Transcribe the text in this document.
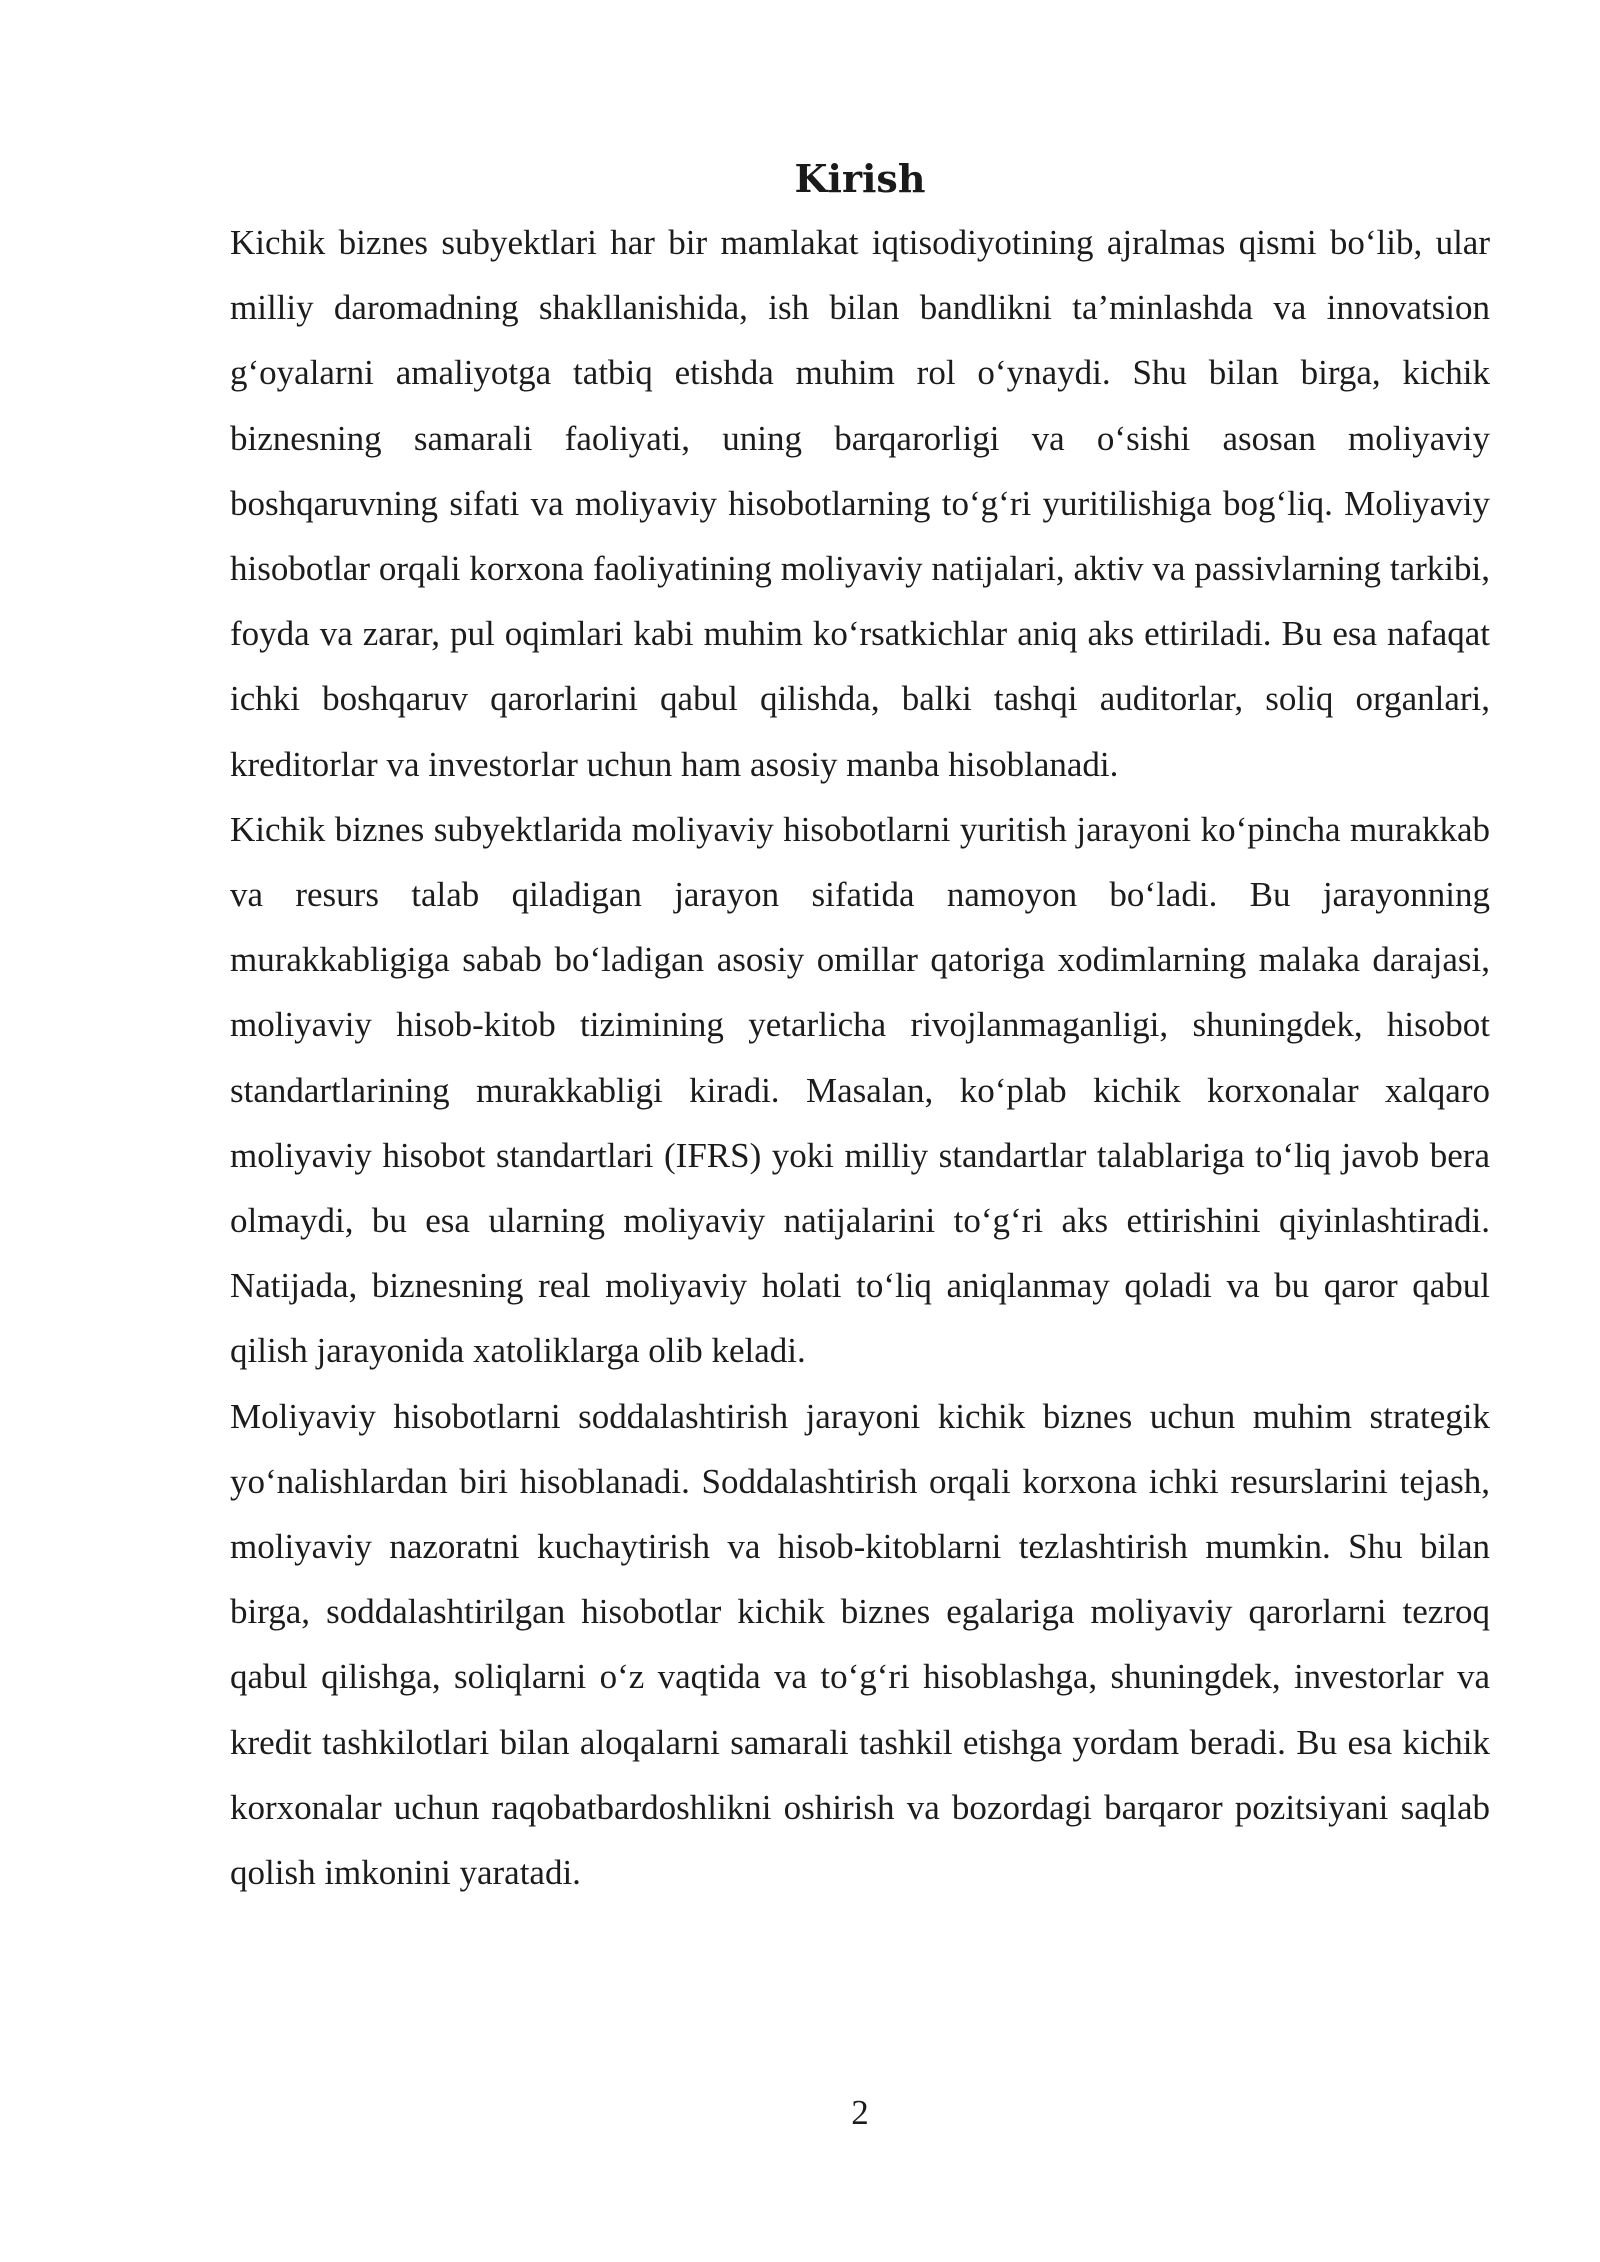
Kirish

Kichik biznes subyektlari har bir mamlakat iqtisodiyotining ajralmas qismi bo‘lib, ular milliy daromadning shakllanishida, ish bilan bandlikni ta’minlashda va innovatsion g‘oyalarni amaliyotga tatbiq etishda muhim rol o‘ynaydi. Shu bilan birga, kichik biznesning samarali faoliyati, uning barqarorligi va o‘sishi asosan moliyaviy boshqaruvning sifati va moliyaviy hisobotlarning to‘g‘ri yuritilishiga bog‘liq. Moliyaviy hisobotlar orqali korxona faoliyatining moliyaviy natijalari, aktiv va passivlarning tarkibi, foyda va zarar, pul oqimlari kabi muhim ko‘rsatkichlar aniq aks ettiriladi. Bu esa nafaqat ichki boshqaruv qarorlarini qabul qilishda, balki tashqi auditorlar, soliq organlari, kreditorlar va investorlar uchun ham asosiy manba hisoblanadi.

Kichik biznes subyektlarida moliyaviy hisobotlarni yuritish jarayoni ko‘pincha murakkab va resurs talab qiladigan jarayon sifatida namoyon bo‘ladi. Bu jarayonning murakkabligiga sabab bo‘ladigan asosiy omillar qatoriga xodimlarning malaka darajasi, moliyaviy hisob-kitob tizimining yetarlicha rivojlanmaganligi, shuningdek, hisobot standartlarining murakkabligi kiradi. Masalan, ko‘plab kichik korxonalar xalqaro moliyaviy hisobot standartlari (IFRS) yoki milliy standartlar talablariga to‘liq javob bera olmaydi, bu esa ularning moliyaviy natijalarini to‘g‘ri aks ettirishini qiyinlashtiradi. Natijada, biznesning real moliyaviy holati to‘liq aniqlanmay qoladi va bu qaror qabul qilish jarayonida xatoliklarga olib keladi.

Moliyaviy hisobotlarni soddalashtirish jarayoni kichik biznes uchun muhim strategik yo‘nalishlardan biri hisoblanadi. Soddalashtirish orqali korxona ichki resurslarini tejash, moliyaviy nazoratni kuchaytirish va hisob-kitoblarni tezlashtirish mumkin. Shu bilan birga, soddalashtirilgan hisobotlar kichik biznes egalariga moliyaviy qarorlarni tezroq qabul qilishga, soliqlarni o‘z vaqtida va to‘g‘ri hisoblashga, shuningdek, investorlar va kredit tashkilotlari bilan aloqalarni samarali tashkil etishga yordam beradi. Bu esa kichik korxonalar uchun raqobatbardoshlikni oshirish va bozordagi barqaror pozitsiyani saqlab qolish imkonini yaratadi.

2
